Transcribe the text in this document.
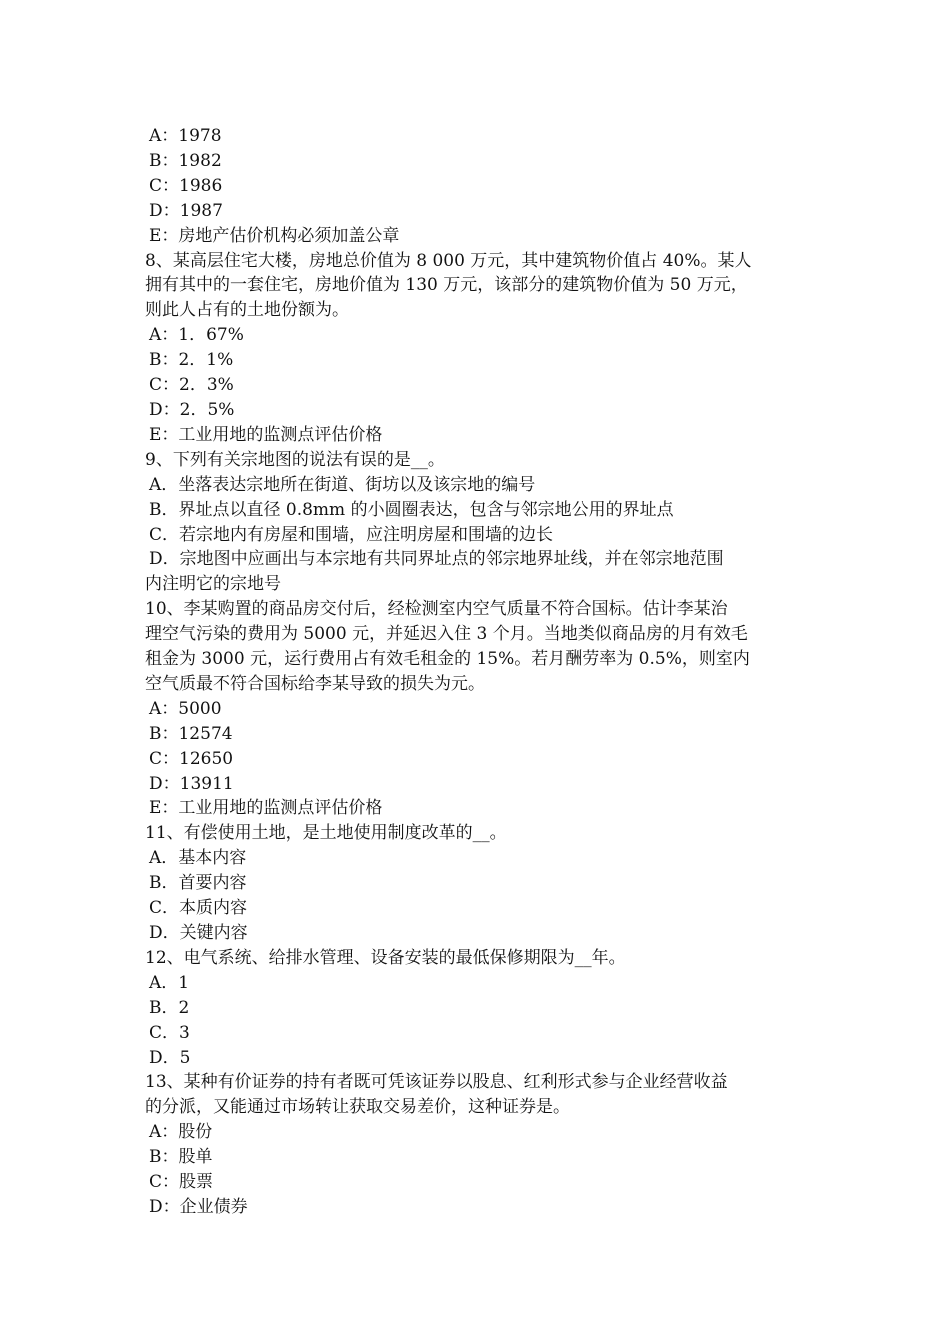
A：1978
B：1982
C：1986
D：1987
E：房地产估价机构必须加盖公章
8、某高层住宅大楼，房地总价值为 8 000 万元，其中建筑物价值占 40%。某人
拥有其中的一套住宅，房地价值为 130 万元，该部分的建筑物价值为 50 万元，
则此人占有的土地份额为。
A：1．67%
B：2．1%
C：2．3%
D：2．5%
E：工业用地的监测点评估价格
9、下列有关宗地图的说法有误的是__。
A．坐落表达宗地所在街道、街坊以及该宗地的编号
B．界址点以直径 0.8mm 的小圆圈表达，包含与邻宗地公用的界址点
C．若宗地内有房屋和围墙，应注明房屋和围墙的边长
D．宗地图中应画出与本宗地有共同界址点的邻宗地界址线，并在邻宗地范围
内注明它的宗地号
10、李某购置的商品房交付后，经检测室内空气质量不符合国标。估计李某治
理空气污染的费用为 5000 元，并延迟入住 3 个月。当地类似商品房的月有效毛
租金为 3000 元，运行费用占有效毛租金的 15%。若月酬劳率为 0.5%，则室内
空气质最不符合国标给李某导致的损失为元。
A：5000
B：12574
C：12650
D：13911
E：工业用地的监测点评估价格
11、有偿使用土地，是土地使用制度改革的__。
A．基本内容
B．首要内容
C．本质内容
D．关键内容
12、电气系统、给排水管理、设备安装的最低保修期限为__年。
A．1
B．2
C．3
D．5
13、某种有价证券的持有者既可凭该证券以股息、红利形式参与企业经营收益
的分派，又能通过市场转让获取交易差价，这种证券是。
A：股份
B：股单
C：股票
D：企业债券
